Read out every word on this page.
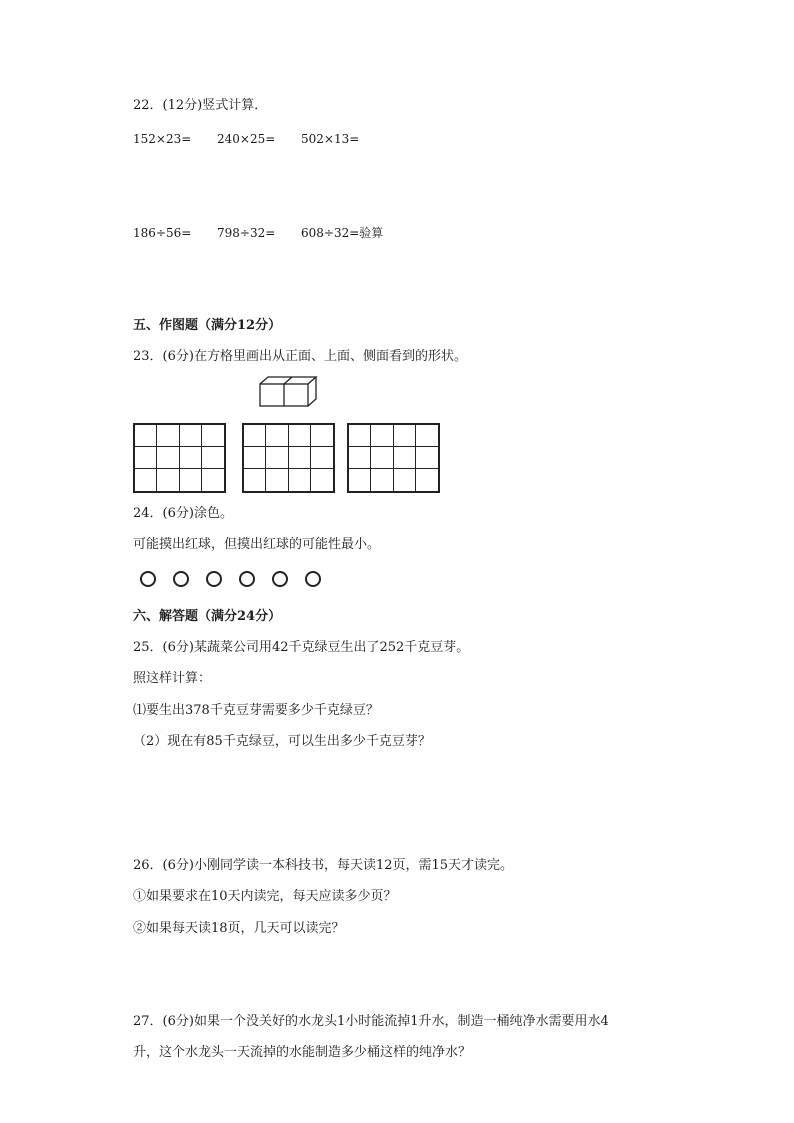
22．(12分)竖式计算．
152×23=	240×25=	502×13=
186÷56=	798÷32=	608÷32=验算
五、作图题（满分12分）
23．(6分)在方格里画出从正面、上面、侧面看到的形状。
24．(6分)涂色。
可能摸出红球，但摸出红球的可能性最小。
六、解答题（满分24分）
25．(6分)某蔬菜公司用42千克绿豆生出了252千克豆芽。
照这样计算：
⑴要生出378千克豆芽需要多少千克绿豆？
（2）现在有85千克绿豆，可以生出多少千克豆芽？
26．(6分)小刚同学读一本科技书，每天读12页，需15天才读完。
①如果要求在10天内读完，每天应读多少页？
②如果每天读18页，几天可以读完？
27．(6分)如果一个没关好的水龙头1小时能流掉1升水，制造一桶纯净水需要用水4
升，这个水龙头一天流掉的水能制造多少桶这样的纯净水？
